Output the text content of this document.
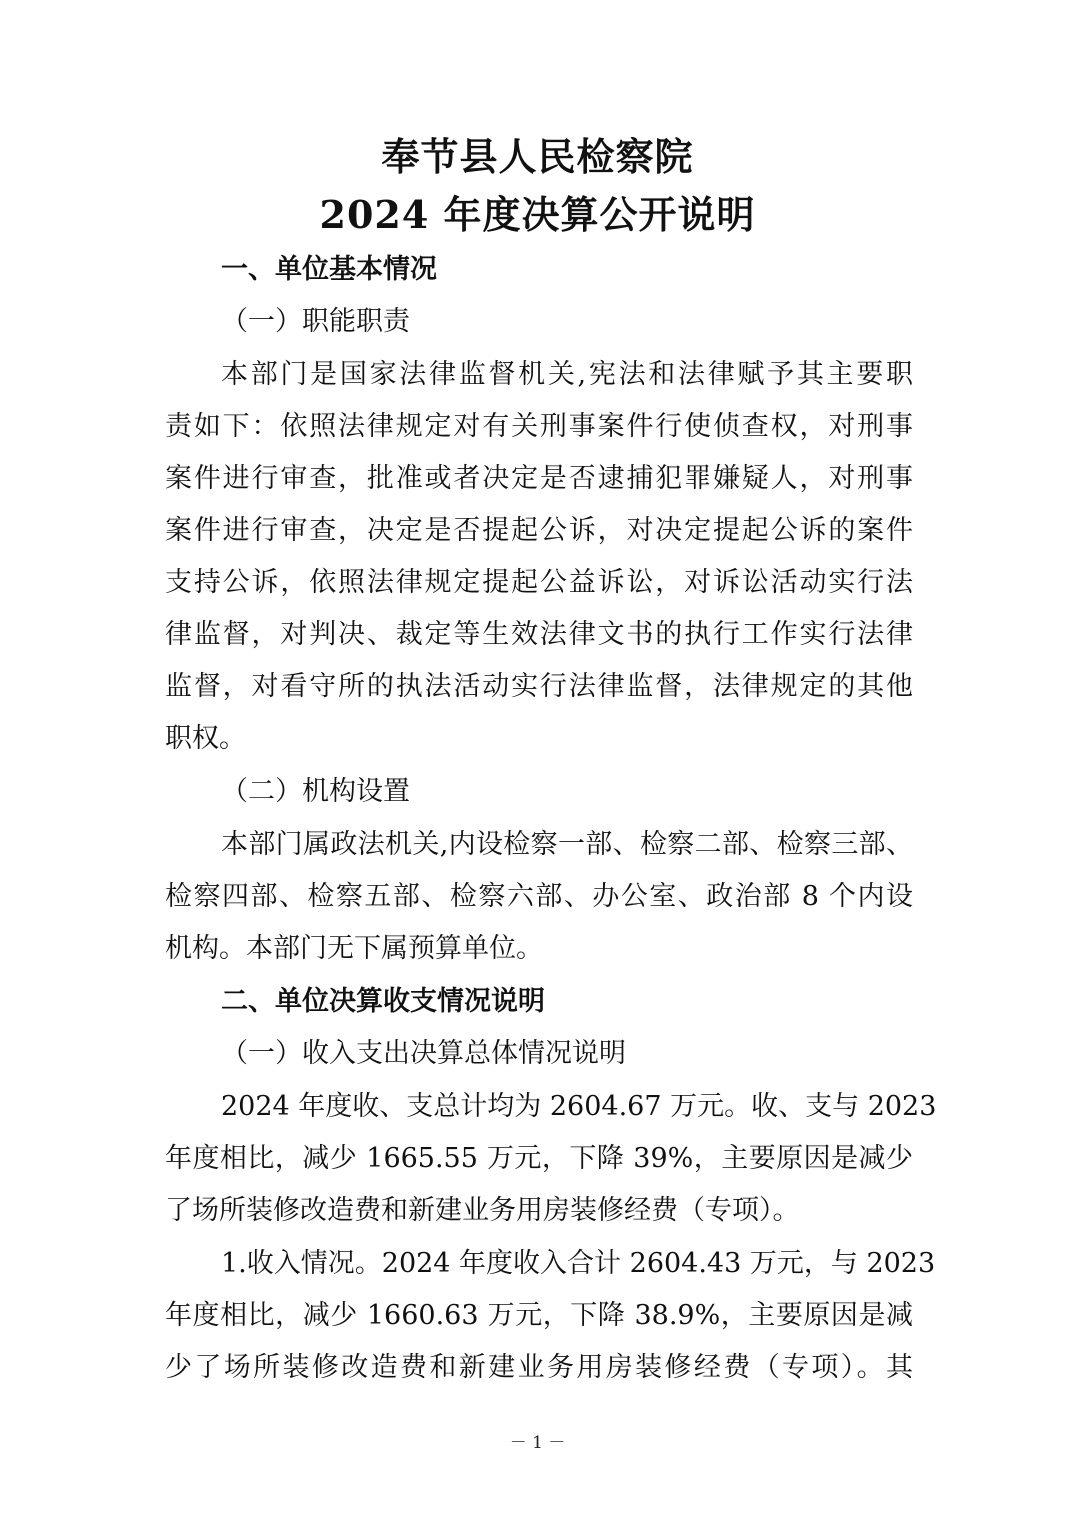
奉节县人民检察院
2024 年度决算公开说明
一、单位基本情况
（一）职能职责
本部门是国家法律监督机关,宪法和法律赋予其主要职
责如下：依照法律规定对有关刑事案件行使侦查权，对刑事
案件进行审查，批准或者决定是否逮捕犯罪嫌疑人，对刑事
案件进行审查，决定是否提起公诉，对决定提起公诉的案件
支持公诉，依照法律规定提起公益诉讼，对诉讼活动实行法
律监督，对判决、裁定等生效法律文书的执行工作实行法律
监督，对看守所的执法活动实行法律监督，法律规定的其他
职权。
（二）机构设置
本部门属政法机关,内设检察一部、检察二部、检察三部、
检察四部、检察五部、检察六部、办公室、政治部 8 个内设
机构。本部门无下属预算单位。
二、单位决算收支情况说明
（一）收入支出决算总体情况说明
2024 年度收、支总计均为 2604.67 万元。收、支与 2023
年度相比，减少 1665.55 万元，下降 39%，主要原因是减少
了场所装修改造费和新建业务用房装修经费（专项）。
1.收入情况。2024 年度收入合计 2604.43 万元，与 2023
年度相比，减少 1660.63 万元，下降 38.9%，主要原因是减
少了场所装修改造费和新建业务用房装修经费（专项）。其
－ 1 －
